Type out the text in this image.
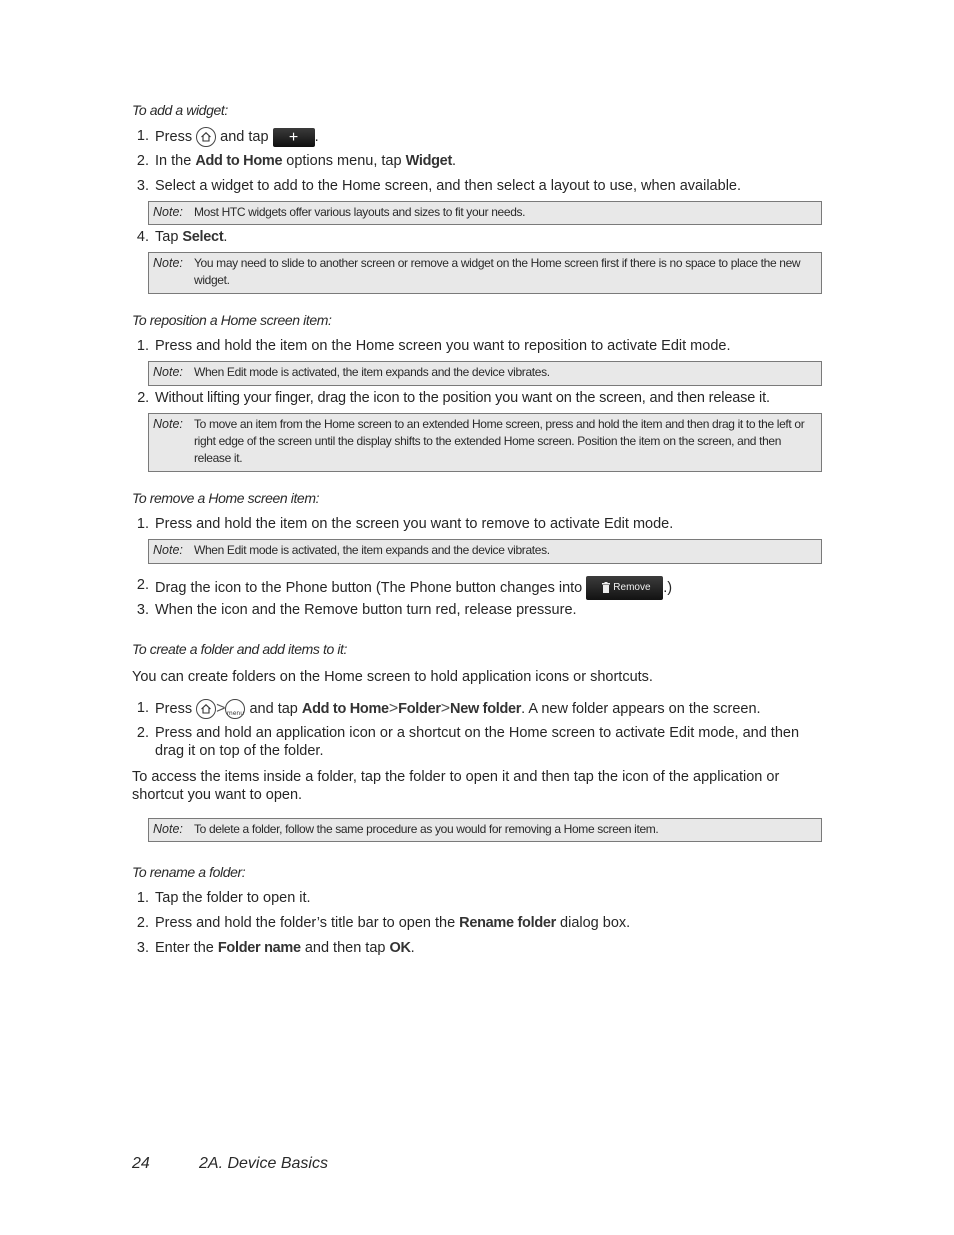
To add a widget:
1. Press and tap	+	.
2. In the Add to Home options menu, tap Widget.
3. Select a widget to add to the Home screen, and then select a layout to use, when available.
Note: Most HTC widgets offer various layouts and sizes to fit your needs.
4. Tap Select.
Note: You may need to slide to another screen or remove a widget on the Home screen first if there is no space to place the new widget.
To reposition a Home screen item:
1. Press and hold the item on the Home screen you want to reposition to activate Edit mode.
Note: When Edit mode is activated, the item expands and the device vibrates.
2. Without lifting your finger, drag the icon to the position you want on the screen, and then release it.
Note: To move an item from the Home screen to an extended Home screen, press and hold the item and then drag it to the left or right edge of the screen until the display shifts to the extended Home screen. Position the item on the screen, and then release it.
To remove a Home screen item:
1. Press and hold the item on the screen you want to remove to activate Edit mode.
Note: When Edit mode is activated, the item expands and the device vibrates.
2. Drag the icon to the Phone button (The Phone button changes into	Remove .)
3. When the icon and the Remove button turn red, release pressure.
To create a folder and add items to it:
You can create folders on the Home screen to hold application icons or shortcuts.
1. Press > menu and tap Add to Home>Folder>New folder. A new folder appears on the screen.
2. Press and hold an application icon or a shortcut on the Home screen to activate Edit mode, and then drag it on top of the folder.
To access the items inside a folder, tap the folder to open it and then tap the icon of the application or shortcut you want to open.
Note: To delete a folder, follow the same procedure as you would for removing a Home screen item.
To rename a folder:
1. Tap the folder to open it.
2. Press and hold the folder’s title bar to open the Rename folder dialog box.
3. Enter the Folder name and then tap OK.
24	2A. Device Basics
